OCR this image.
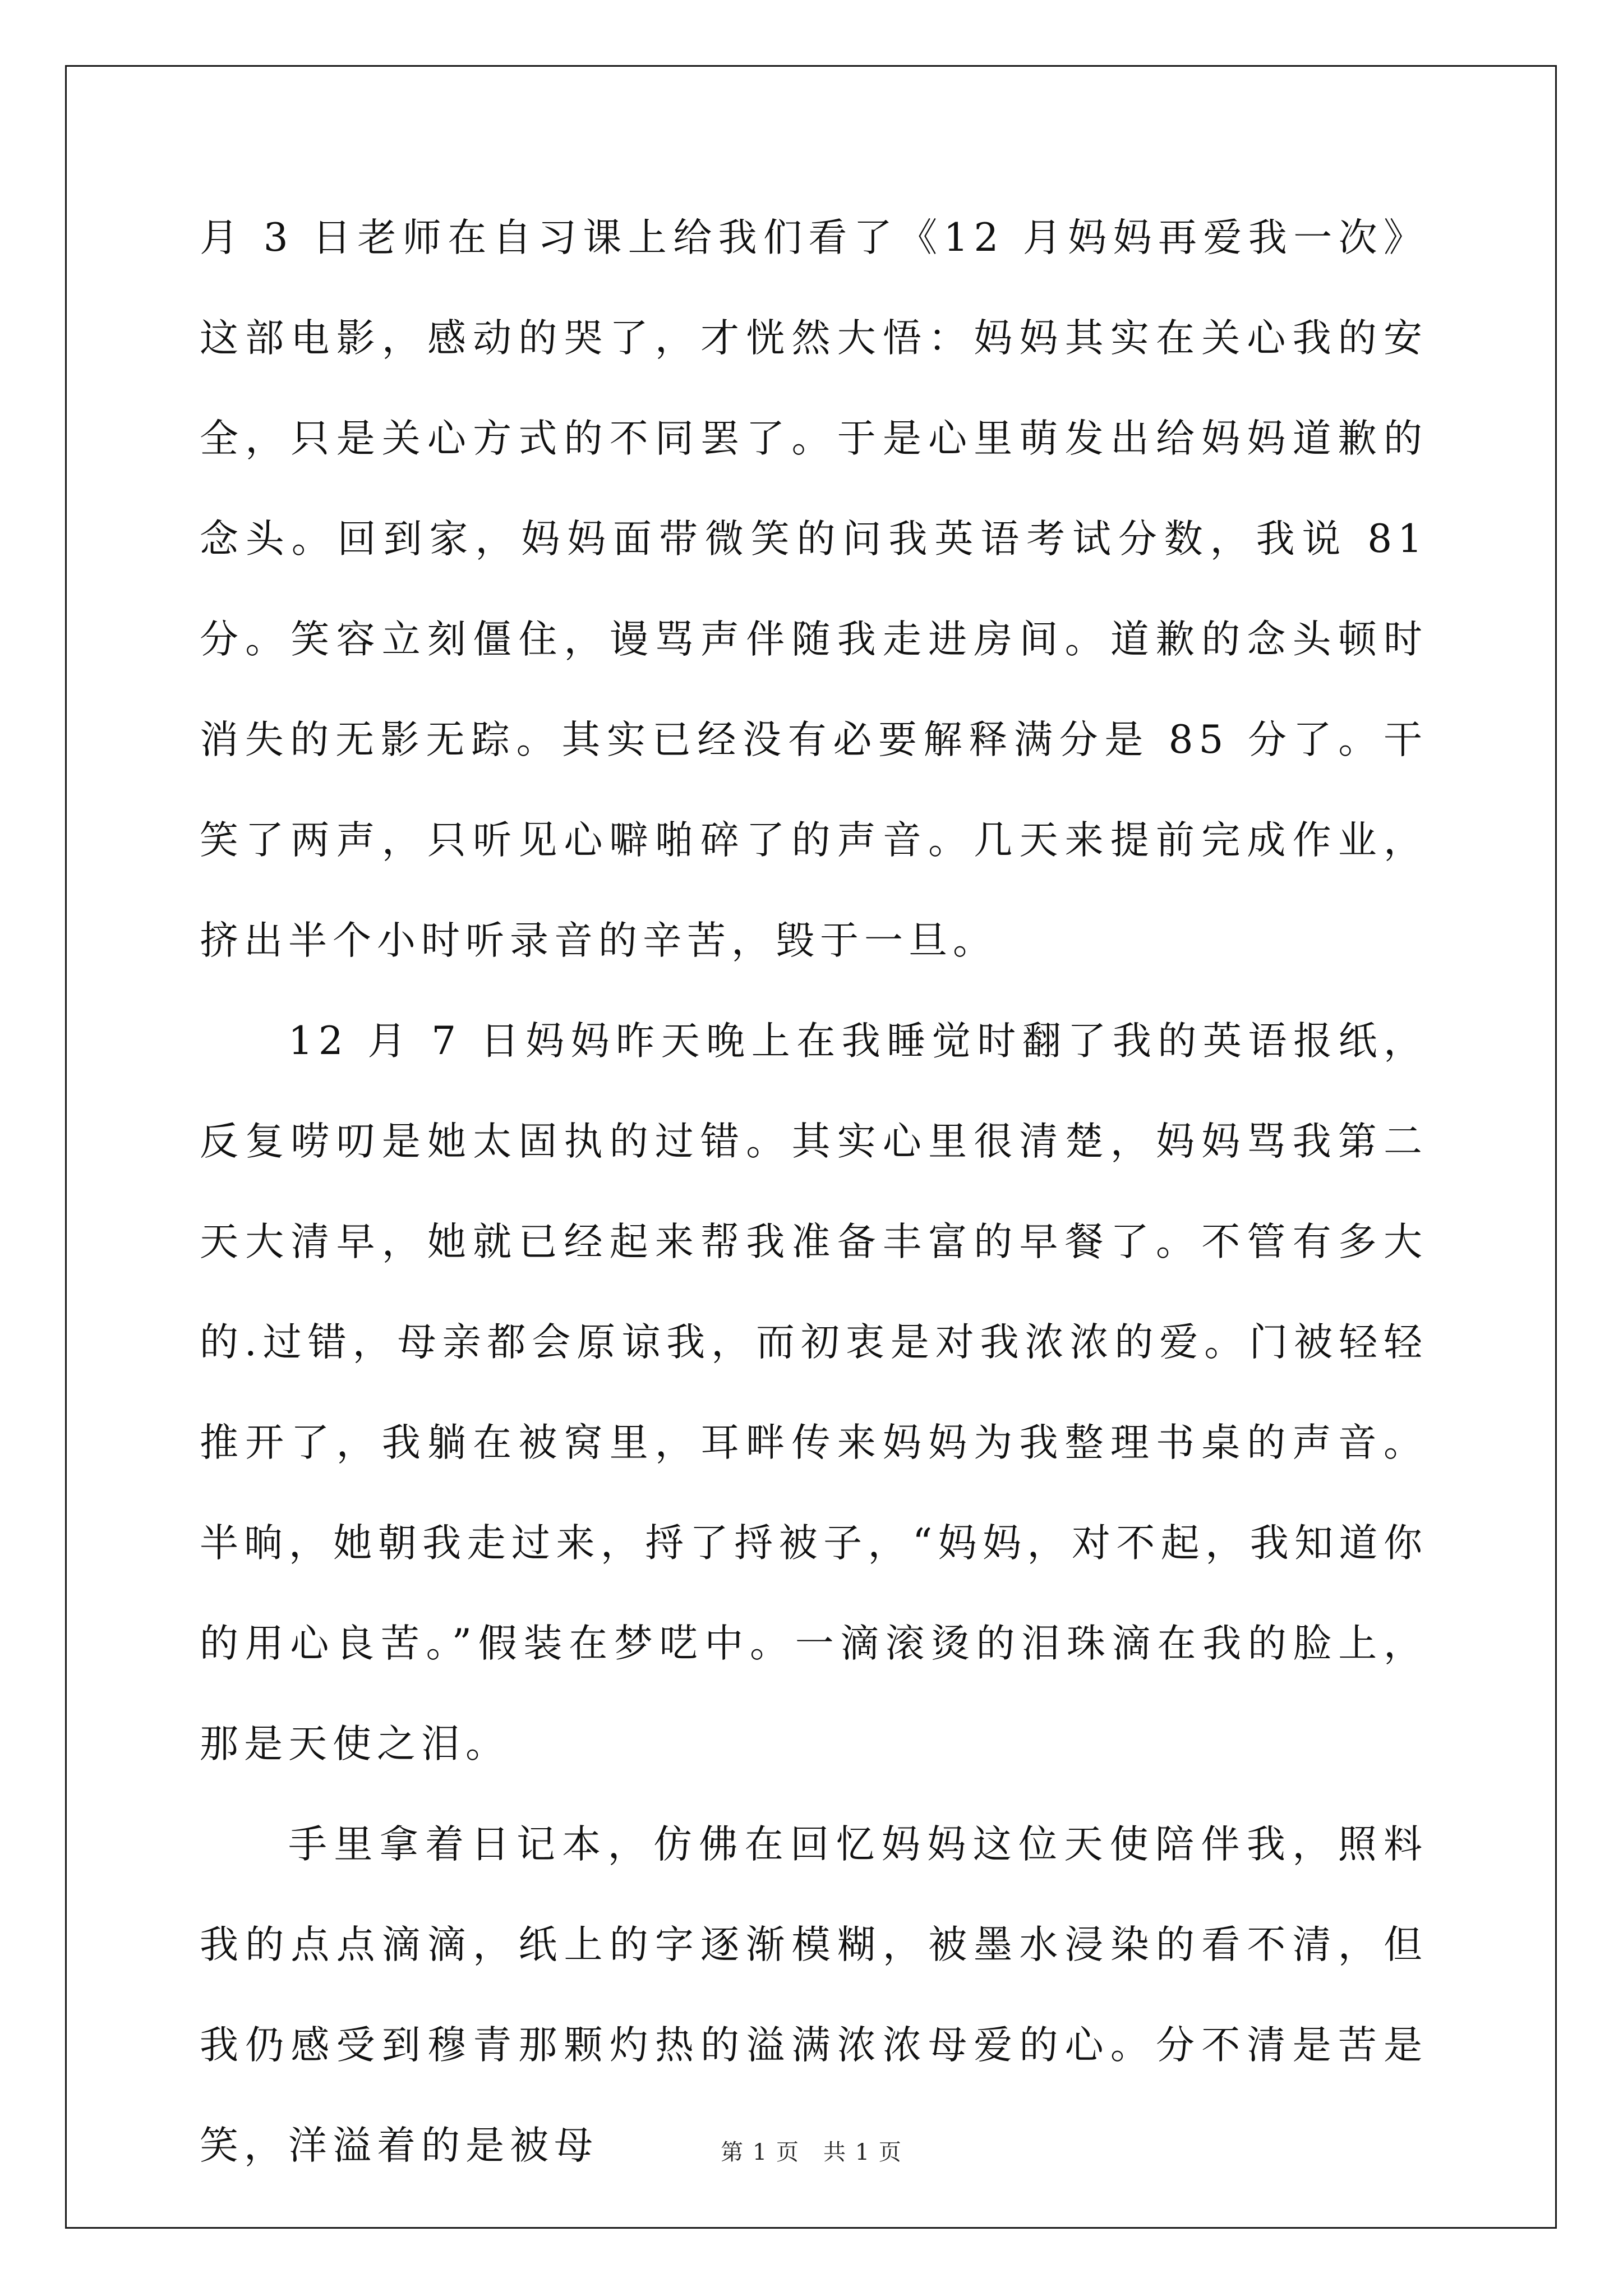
月 3 日老师在自习课上给我们看了《12 月妈妈再爱我一次》这部电影，感动的哭了，才恍然大悟：妈妈其实在关心我的安全，只是关心方式的不同罢了。于是心里萌发出给妈妈道歉的念头。回到家，妈妈面带微笑的问我英语考试分数，我说 81 分。笑容立刻僵住，谩骂声伴随我走进房间。道歉的念头顿时消失的无影无踪。其实已经没有必要解释满分是 85 分了。干笑了两声，只听见心噼啪碎了的声音。几天来提前完成作业，挤出半个小时听录音的辛苦，毁于一旦。

12 月 7 日妈妈昨天晚上在我睡觉时翻了我的英语报纸，反复唠叨是她太固执的过错。其实心里很清楚，妈妈骂我第二天大清早，她就已经起来帮我准备丰富的早餐了。不管有多大的.过错，母亲都会原谅我，而初衷是对我浓浓的爱。门被轻轻推开了，我躺在被窝里，耳畔传来妈妈为我整理书桌的声音。半晌，她朝我走过来，捋了捋被子，“妈妈，对不起，我知道你的用心良苦。”假装在梦呓中。一滴滚烫的泪珠滴在我的脸上，那是天使之泪。

手里拿着日记本，仿佛在回忆妈妈这位天使陪伴我，照料我的点点滴滴，纸上的字逐渐模糊，被墨水浸染的看不清，但我仍感受到穆青那颗灼热的溢满浓浓母爱的心。分不清是苦是笑，洋溢着的是被母	第 1 页　共 1 页
